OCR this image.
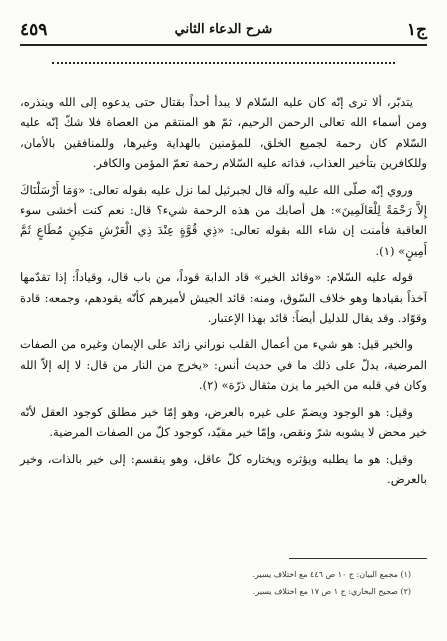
ج١
شرح الدعاء الثاني
٤٥٩

يتدبّر، ألا ترى إنّه كان عليه السّلام لا يبدأ أحداً بقتال حتى يدعوه إلى الله وينذره، ومن أسماء الله تعالى الرحمن الرحيم، ثمّ هو المنتقم من العصاة فلا شكّ إنّه عليه السّلام كان رحمة لجميع الخلق، للمؤمنين بالهداية وغيرها، وللمنافقين بالأمان، وللكافرين بتأخير العذاب، فذاته عليه السّلام رحمة تعمّ المؤمن والكافر.

وروي إنّه صلّى الله عليه وآله قال لجبرئيل لما نزل عليه بقوله تعالى: «وَمَا أَرْسَلْنَاكَ إِلاَّ رَحْمَةً لِلْعَالَمِينَ»: هل أصابك من هذه الرحمة شيء؟ قال: نعم كنت أخشى سوء العاقبة فأمنت إن شاء الله بقوله تعالى: «ذِي قُوَّةٍ عِنْدَ ذِي الْعَرْشِ مَكِينٍ مُطَاعٍ ثَمَّ أَمِينٍ» (١).

قوله عليه السّلام: «وقائد الخير» قاد الدابة قوداً، من باب قال، وقياداً: إذا تقدّمها آخذاً بقيادها وهو خلاف السّوق، ومنه: قائد الجيش لأميرهم كأنّه يقودهم، وجمعه: قادة وقوّاد. وقد يقال للدليل أيضاً: قائد بهذا الإعتبار.

والخير قيل: هو شيء من أعمال القلب نوراني زائد على الإيمان وغيره من الصفات المرضية، يدلّ على ذلك ما في حديث أنس: «يخرج من النار من قال: لا إله إلاّ الله وكان في قلبه من الخير ما يزن مثقال ذرّة» (٢).

وقيل: هو الوجود ويضمّ على غيره بالعرض، وهو إمّا خير مطلق كوجود العقل لأنّه خير محض لا يشوبه شرّ ونقص، وإمّا خير مقيّد، كوجود كلّ من الصفات المرضية.

وقيل: هو ما يطلبه ويؤثره ويختاره كلّ عاقل، وهو ينقسم: إلى خير بالذات، وخير بالعرض.

(١) مجمع البيان: ج ١٠ ص ٤٤٦ مع اختلاف يسير.
(٢) صحيح البخاري: ج ١ ص ١٧ مع اختلاف يسير.
